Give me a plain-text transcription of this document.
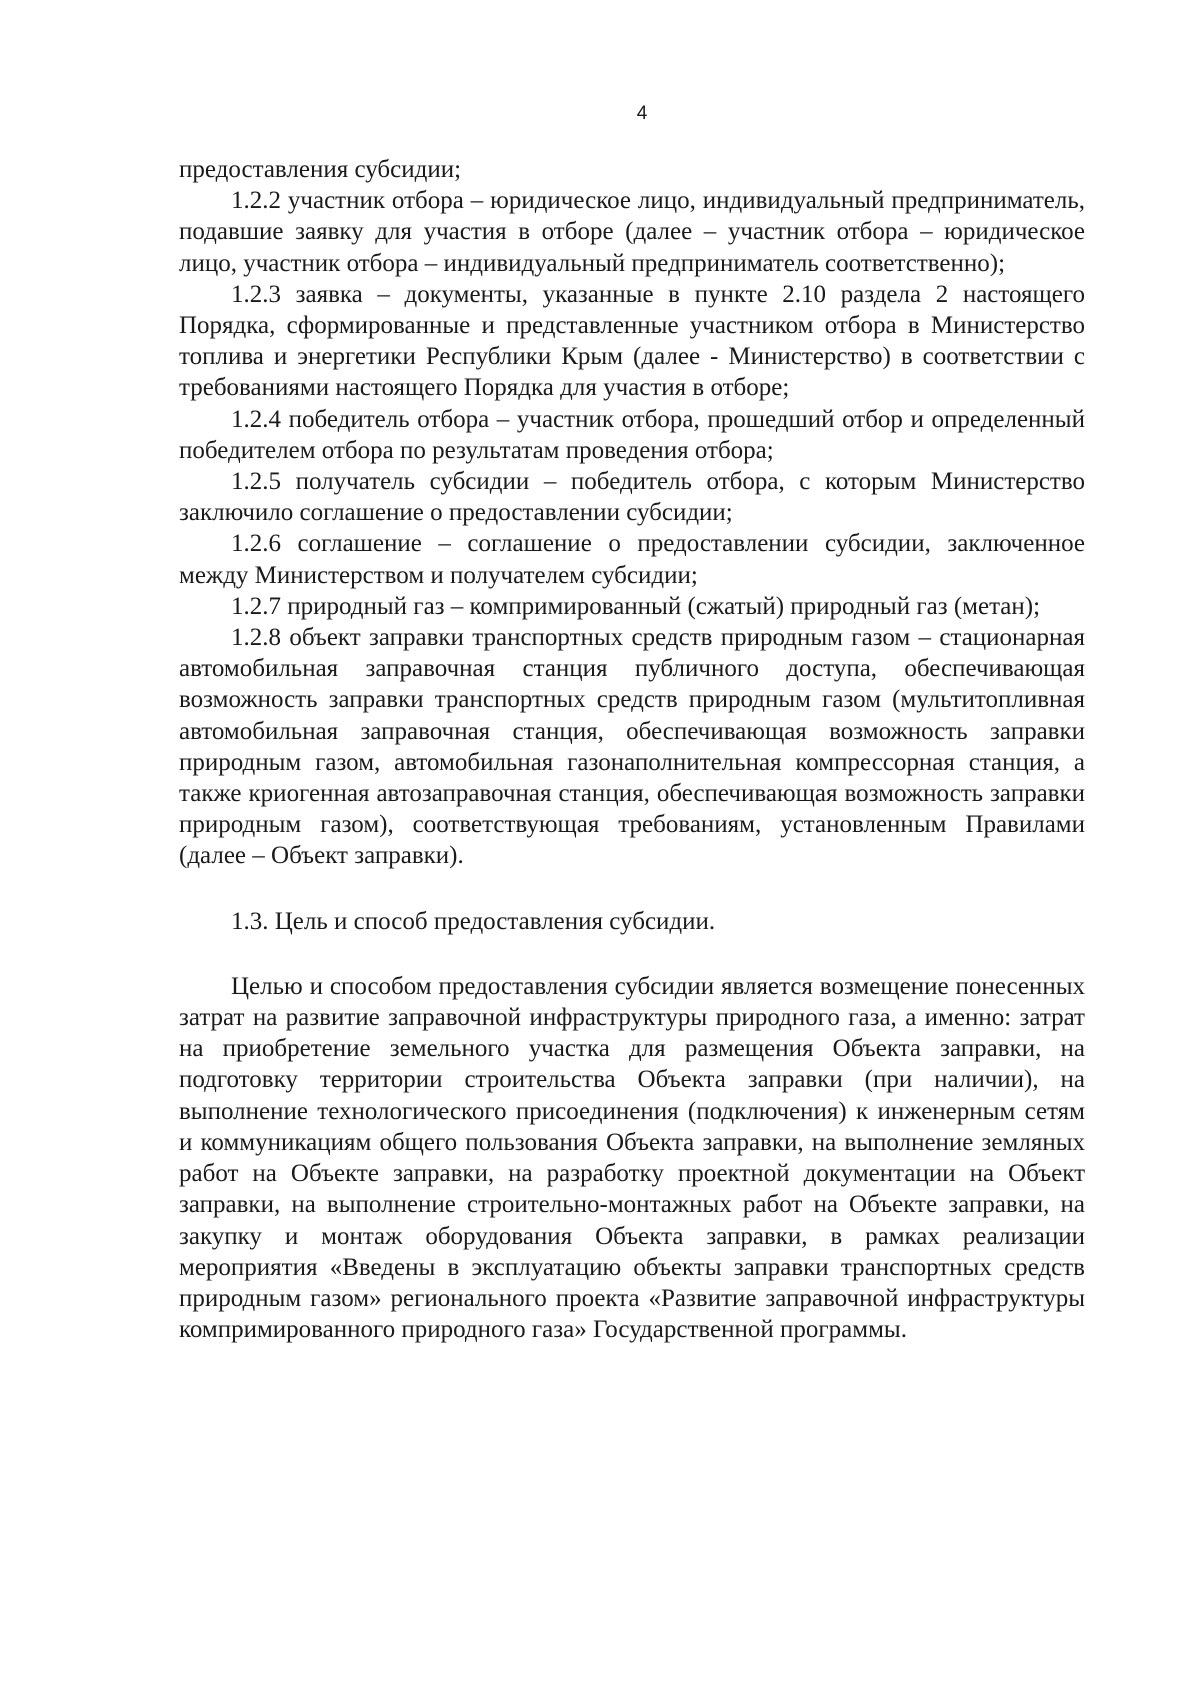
4

предоставления субсидии;

1.2.2 участник отбора – юридическое лицо, индивидуальный предприниматель, подавшие заявку для участия в отборе (далее – участник отбора – юридическое лицо, участник отбора – индивидуальный предприниматель соответственно);

1.2.3 заявка – документы, указанные в пункте 2.10 раздела 2 настоящего Порядка, сформированные и представленные участником отбора в Министерство топлива и энергетики Республики Крым (далее - Министерство) в соответствии с требованиями настоящего Порядка для участия в отборе;

1.2.4 победитель отбора – участник отбора, прошедший отбор и определенный победителем отбора по результатам проведения отбора;

1.2.5 получатель субсидии – победитель отбора, с которым Министерство заключило соглашение о предоставлении субсидии;

1.2.6 соглашение – соглашение о предоставлении субсидии, заключенное между Министерством и получателем субсидии;

1.2.7 природный газ – компримированный (сжатый) природный газ (метан);

1.2.8 объект заправки транспортных средств природным газом – стационарная автомобильная заправочная станция публичного доступа, обеспечивающая возможность заправки транспортных средств природным газом (мультитопливная автомобильная заправочная станция, обеспечивающая возможность заправки природным газом, автомобильная газонаполнительная компрессорная станция, а также криогенная автозаправочная станция, обеспечивающая возможность заправки природным газом), соответствующая требованиям, установленным Правилами (далее – Объект заправки).

1.3. Цель и способ предоставления субсидии.

Целью и способом предоставления субсидии является возмещение понесенных затрат на развитие заправочной инфраструктуры природного газа, а именно: затрат на приобретение земельного участка для размещения Объекта заправки, на подготовку территории строительства Объекта заправки (при наличии), на выполнение технологического присоединения (подключения) к инженерным сетям и коммуникациям общего пользования Объекта заправки, на выполнение земляных работ на Объекте заправки, на разработку проектной документации на Объект заправки, на выполнение строительно-монтажных работ на Объекте заправки, на закупку и монтаж оборудования Объекта заправки, в рамках реализации мероприятия «Введены в эксплуатацию объекты заправки транспортных средств природным газом» регионального проекта «Развитие заправочной инфраструктуры компримированного природного газа» Государственной программы.
